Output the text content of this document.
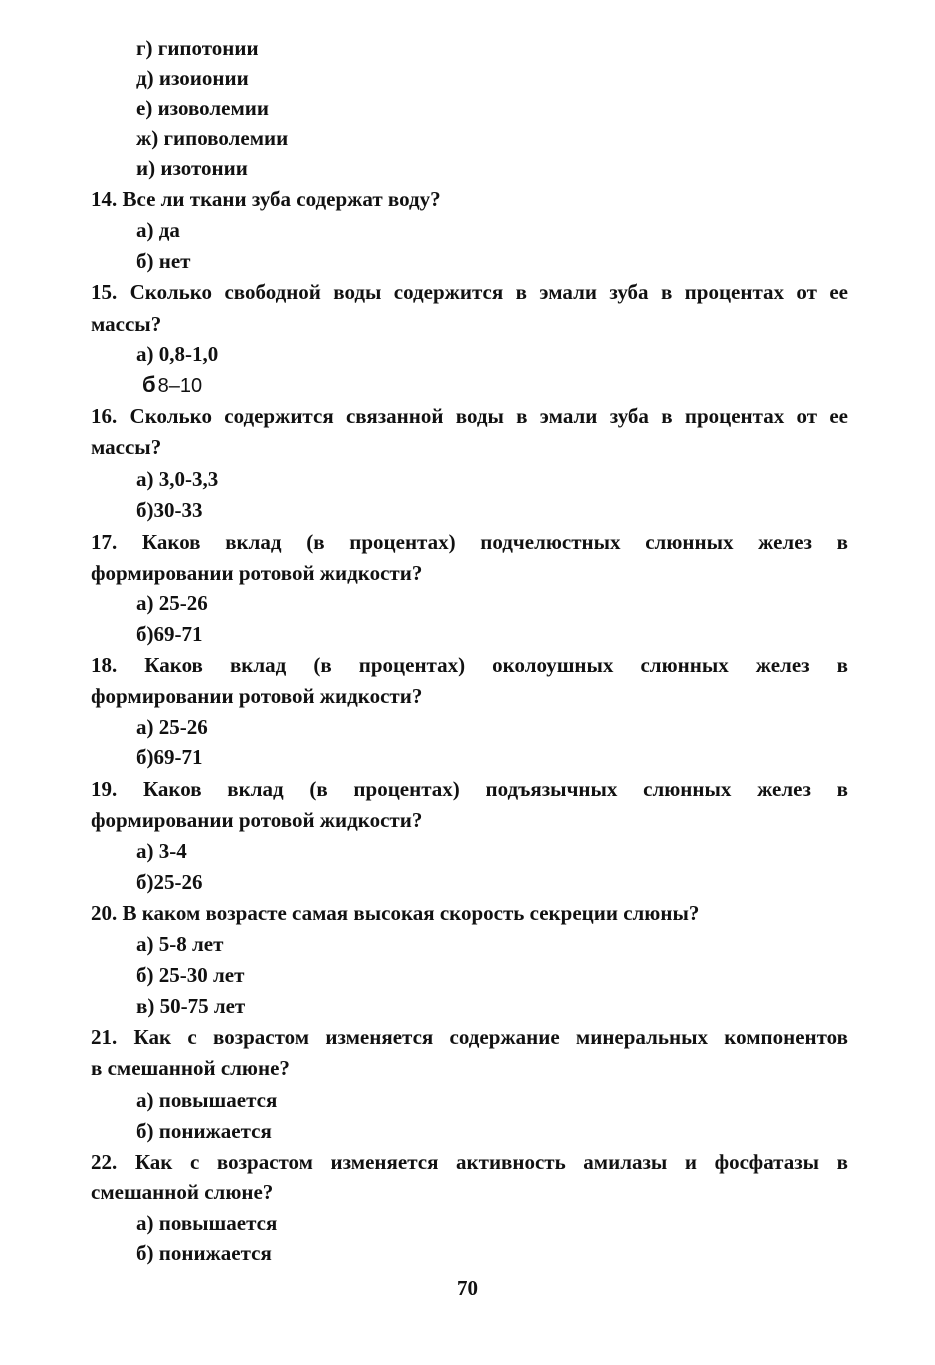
г) гипотонии
д) изоионии
е) изоволемии
ж) гиповолемии
и) изотонии
14. Все ли ткани зуба содержат воду?
а) да
б) нет
15. Сколько свободной воды содержится в эмали зуба в процентах от ее
массы?
а) 0,8-1,0
б 8–10
16. Сколько содержится связанной воды в эмали зуба в процентах от ее
массы?
а) 3,0-3,3
б)30-33
17. Каков вклад (в процентах) подчелюстных слюнных желез в
формировании ротовой жидкости?
а) 25-26
б)69-71
18. Каков вклад (в процентах) околоушных слюнных желез в
формировании ротовой жидкости?
а) 25-26
б)69-71
19. Каков вклад (в процентах) подъязычных слюнных желез в
формировании ротовой жидкости?
а) 3-4
б)25-26
20. В каком возрасте самая высокая скорость секреции слюны?
а) 5-8 лет
б) 25-30 лет
в) 50-75 лет
21. Как с возрастом изменяется содержание минеральных компонентов
в смешанной слюне?
а) повышается
б) понижается
22. Как с возрастом изменяется активность амилазы и фосфатазы в
смешанной слюне?
а) повышается
б) понижается
70
